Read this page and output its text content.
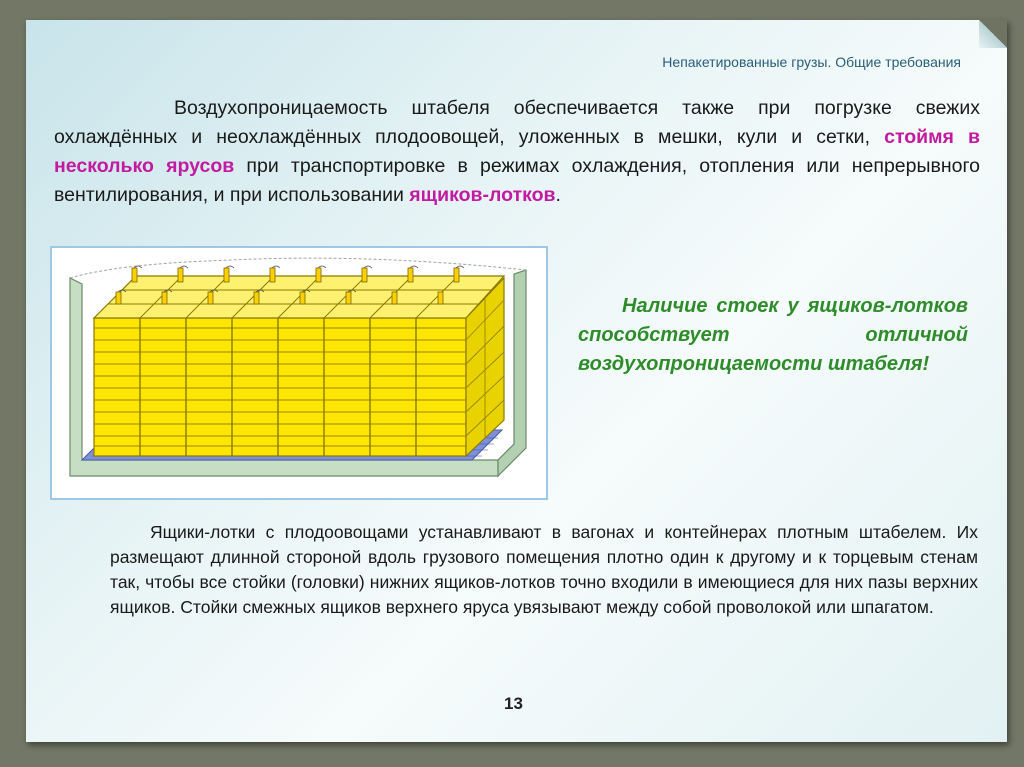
Непакетированные грузы. Общие требования

Воздухопроницаемость штабеля обеспечивается также при погрузке свежих охлаждённых и неохлаждённых плодоовощей, уложенных в мешки, кули и сетки, стоймя в несколько ярусов при транспортировке в режимах охлаждения, отопления или непрерывного вентилирования, и при использовании ящиков-лотков.

Наличие стоек у ящиков-лотков способствует отличной воздухопроницаемости штабеля!

Ящики-лотки с плодоовощами устанавливают в вагонах и контейнерах плотным штабелем. Их размещают длинной стороной вдоль грузового помещения плотно один к другому и к торцевым стенам так, чтобы все стойки (головки) нижних ящиков-лотков точно входили в имеющиеся для них пазы верхних ящиков. Стойки смежных ящиков верхнего яруса увязывают между собой проволокой или шпагатом.

13
